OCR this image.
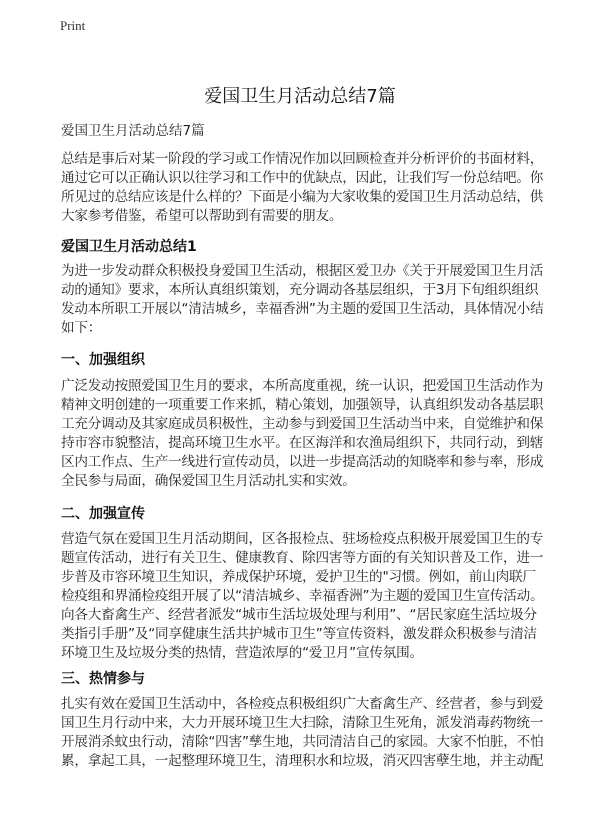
Print
爱国卫生月活动总结7篇
爱国卫生月活动总结7篇
总结是事后对某一阶段的学习或工作情况作加以回顾检查并分析评价的书面材料，
通过它可以正确认识以往学习和工作中的优缺点，因此，让我们写一份总结吧。你
所见过的总结应该是什么样的？下面是小编为大家收集的爱国卫生月活动总结，供
大家参考借鉴，希望可以帮助到有需要的朋友。
爱国卫生月活动总结1
为进一步发动群众积极投身爱国卫生活动，根据区爱卫办《关于开展爱国卫生月活
动的通知》要求，本所认真组织策划，充分调动各基层组织，于3月下旬组织组织
发动本所职工开展以“清洁城乡，幸福香洲”为主题的爱国卫生活动，具体情况小结
如下：
一、加强组织
广泛发动按照爱国卫生月的要求，本所高度重视，统一认识，把爱国卫生活动作为
精神文明创建的一项重要工作来抓，精心策划，加强领导，认真组织发动各基层职
工充分调动及其家庭成员积极性，主动参与到爱国卫生活动当中来，自觉维护和保
持市容市貌整洁，提高环境卫生水平。在区海洋和农渔局组织下，共同行动，到辖
区内工作点、生产一线进行宣传动员，以进一步提高活动的知晓率和参与率，形成
全民参与局面，确保爱国卫生月活动扎实和实效。
二、加强宣传
营造气氛在爱国卫生月活动期间，区各报检点、驻场检疫点积极开展爱国卫生的专
题宣传活动，进行有关卫生、健康教育、除四害等方面的有关知识普及工作，进一
步普及市容环境卫生知识，养成保护环境，爱护卫生的"习惯。例如，前山肉联厂
检疫组和界涌检疫组开展了以“清洁城乡、幸福香洲”为主题的爱国卫生宣传活动。
向各大畜禽生产、经营者派发“城市生活垃圾处理与利用”、“居民家庭生活垃圾分
类指引手册”及“同享健康生活共护城市卫生”等宣传资料，激发群众积极参与清洁
环境卫生及垃圾分类的热情，营造浓厚的“爱卫月”宣传氛围。
三、热情参与
扎实有效在爱国卫生活动中，各检疫点积极组织广大畜禽生产、经营者，参与到爱
国卫生月行动中来，大力开展环境卫生大扫除，清除卫生死角，派发消毒药物统一
开展消杀蚊虫行动，清除“四害”孳生地，共同清洁自己的家园。大家不怕脏，不怕
累，拿起工具，一起整理环境卫生，清理积水和垃圾，消灭四害孽生地，并主动配
